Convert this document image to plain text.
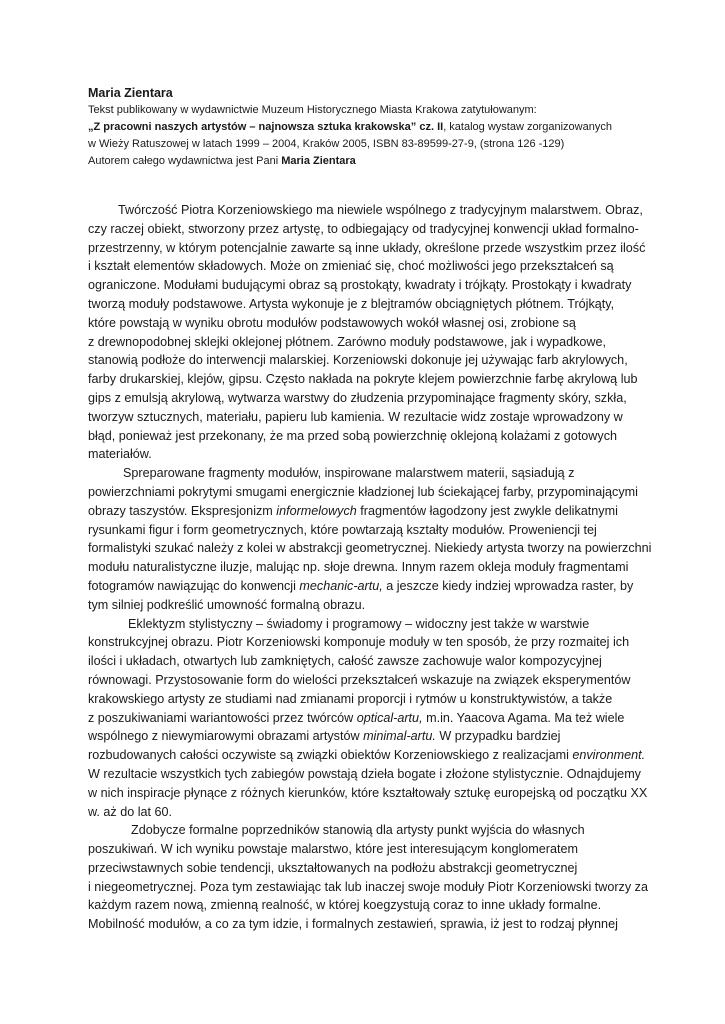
Maria Zientara

Tekst publikowany w wydawnictwie Muzeum Historycznego Miasta Krakowa zatytułowanym:

„Z pracowni naszych artystów – najnowsza sztuka krakowska” cz. II, katalog wystaw zorganizowanych

w Wieży Ratuszowej w latach 1999 – 2004, Kraków 2005, ISBN 83-89599-27-9, (strona 126 -129)

Autorem całego wydawnictwa jest Pani Maria Zientara

Twórczość Piotra Korzeniowskiego ma niewiele wspólnego z tradycyjnym malarstwem. Obraz,

czy raczej obiekt, stworzony przez artystę, to odbiegający od tradycyjnej konwencji układ formalno-

przestrzenny, w którym potencjalnie zawarte są inne układy, określone przede wszystkim przez ilość

i kształt elementów składowych. Może on zmieniać się, choć możliwości jego przekształceń są

ograniczone. Modułami budującymi obraz są prostokąty, kwadraty i trójkąty. Prostokąty i kwadraty

tworzą moduły podstawowe. Artysta wykonuje je z blejtramów obciągniętych płótnem. Trójkąty,

które powstają w wyniku obrotu modułów podstawowych wokół własnej osi, zrobione są

z drewnopodobnej sklejki oklejonej płótnem. Zarówno moduły podstawowe, jak i wypadkowe,

stanowią podłoże do interwencji malarskiej. Korzeniowski dokonuje jej używając farb akrylowych,

farby drukarskiej, klejów, gipsu. Często nakłada na pokryte klejem powierzchnie farbę akrylową lub

gips z emulsją akrylową, wytwarza warstwy do złudzenia przypominające fragmenty skóry, szkła,

tworzyw sztucznych, materiału, papieru lub kamienia. W rezultacie widz zostaje wprowadzony w

błąd, ponieważ jest przekonany, że ma przed sobą powierzchnię oklejoną kolażami z gotowych

materiałów.

Spreparowane fragmenty modułów, inspirowane malarstwem materii, sąsiadują z

powierzchniami pokrytymi smugami energicznie kładzionej lub ściekającej farby, przypominającymi

obrazy taszystów. Ekspresjonizm informelowych fragmentów łagodzony jest zwykle delikatnymi

rysunkami figur i form geometrycznych, które powtarzają kształty modułów. Proweniencji tej

formalistyki szukać należy z kolei w abstrakcji geometrycznej. Niekiedy artysta tworzy na powierzchni

modułu naturalistyczne iluzje, malując np. słoje drewna. Innym razem okleja moduły fragmentami

fotogramów nawiązując do konwencji mechanic-artu, a jeszcze kiedy indziej wprowadza raster, by

tym silniej podkreślić umowność formalną obrazu.

Eklektyzm stylistyczny – świadomy i programowy – widoczny jest także w warstwie

konstrukcyjnej obrazu. Piotr Korzeniowski komponuje moduły w ten sposób, że przy rozmaitej ich

ilości i układach, otwartych lub zamkniętych, całość zawsze zachowuje walor kompozycyjnej

równowagi. Przystosowanie form do wielości przekształceń wskazuje na związek eksperymentów

krakowskiego artysty ze studiami nad zmianami proporcji i rytmów u konstruktywistów, a także

z poszukiwaniami wariantowości przez twórców optical-artu, m.in. Yaacova Agama. Ma też wiele

wspólnego z niewymiarowymi obrazami artystów minimal-artu. W przypadku bardziej

rozbudowanych całości oczywiste są związki obiektów Korzeniowskiego z realizacjami environment.

W rezultacie wszystkich tych zabiegów powstają dzieła bogate i złożone stylistycznie. Odnajdujemy

w nich inspiracje płynące z różnych kierunków, które kształtowały sztukę europejską od początku XX

w. aż do lat 60.

Zdobycze formalne poprzedników stanowią dla artysty punkt wyjścia do własnych

poszukiwań. W ich wyniku powstaje malarstwo, które jest interesującym konglomeratem

przeciwstawnych sobie tendencji, ukształtowanych na podłożu abstrakcji geometrycznej

i niegeometrycznej. Poza tym zestawiając tak lub inaczej swoje moduły Piotr Korzeniowski tworzy za

każdym razem nową, zmienną realność, w której koegzystują coraz to inne układy formalne.

Mobilność modułów, a co za tym idzie, i formalnych zestawień, sprawia, iż jest to rodzaj płynnej
